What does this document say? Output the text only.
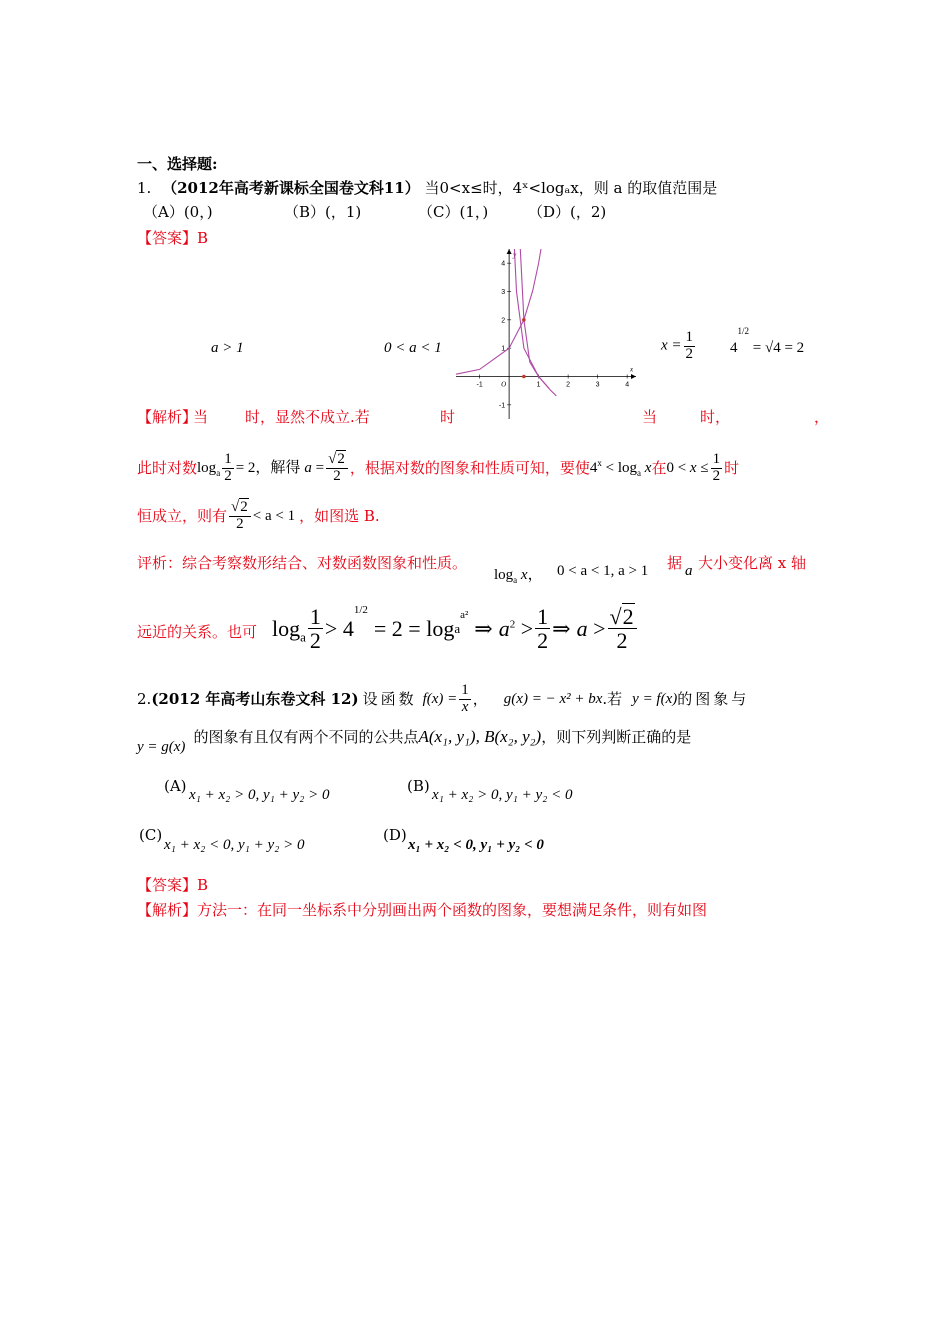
一、选择题:
1. （2012年高考新课标全国卷文科11） 当0<x≤时，4ˣ<logₐx，则 a 的取值范围是
（A）(0，)	（B）(，1)	（C）(1，)	（D）(，2)
【答案】B
a > 1	0 < a < 1	$x = \frac{1}{2} 4^{1/2} = √4 = 2$
-1	1	2	3	4
-1
1
2
3
4
O
x
y
【解析】
当 时，显然不成立.若	时	当	时，	，
此时对数 $\log_a \frac{1}{2} = 2$，解得 $a = \frac{√2}{2}$ ，根据对数的图象和性质可知，要使 $4^x < \log_a x$ 在 $0 < x \le \frac{1}{2}$ 时
恒成立，则有 $\frac{√2}{2} < a < 1$ ，如图选 B.
评析：综合考察数形结合、对数函数图象和性质。
$\log_a x$， 0 < a < 1, a > 1 据 a 大小变化离 x 轴
远近的关系。也可 $\log_a \frac{1}{2} > 4^{1/2}$
= 2 = log a
$^{a^2}$
⇒ $a^2 > \frac{1}{2}$ ⇒ $a > \frac{√2}{2}$
2. (2012 年高考山东卷文科 12) 设函数 $f(x) = \frac{1}{x}$ ， g(x) = − x² + bx .若 y = f(x) 的图象与
y = g(x)
的图象有且仅有两个不同的公共点 A(x₁, y₁), B(x₂, y₂) ，则下列判断正确的是
(A) x₁ + x₂ > 0, y₁ + y₂ > 0	(B) x₁ + x₂ > 0, y₁ + y₂ < 0
(C)
x₁ + x₂ < 0, y₁ + y₂ > 0
(D)
x₁ + x₂ < 0, y₁ + y₂ < 0
【答案】B
【解析】方法一：在同一坐标系中分别画出两个函数的图象，要想满足条件，则有如图
